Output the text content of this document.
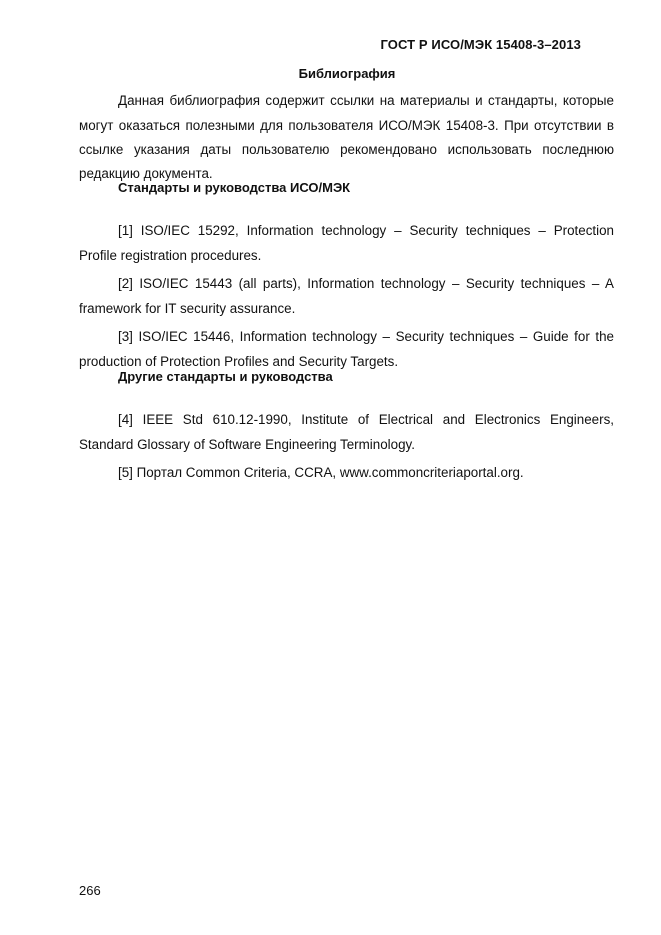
ГОСТ Р ИСО/МЭК 15408-3–2013
Библиография

Данная библиография содержит ссылки на материалы и стандарты, которые могут оказаться полезными для пользователя ИСО/МЭК 15408-3. При отсутствии в ссылке указания даты пользователю рекомендовано использовать последнюю редакцию документа.

Стандарты и руководства ИСО/МЭК

[1] ISO/IEC 15292, Information technology – Security techniques – Protection Profile registration procedures.

[2] ISO/IEC 15443 (all parts), Information technology – Security techniques – A framework for IT security assurance.

[3] ISO/IEC 15446, Information technology – Security techniques – Guide for the production of Protection Profiles and Security Targets.

Другие стандарты и руководства

[4] IEEE Std 610.12-1990, Institute of Electrical and Electronics Engineers, Standard Glossary of Software Engineering Terminology.

[5] Портал Common Criteria, CCRA, www.commoncriteriaportal.org.

266
